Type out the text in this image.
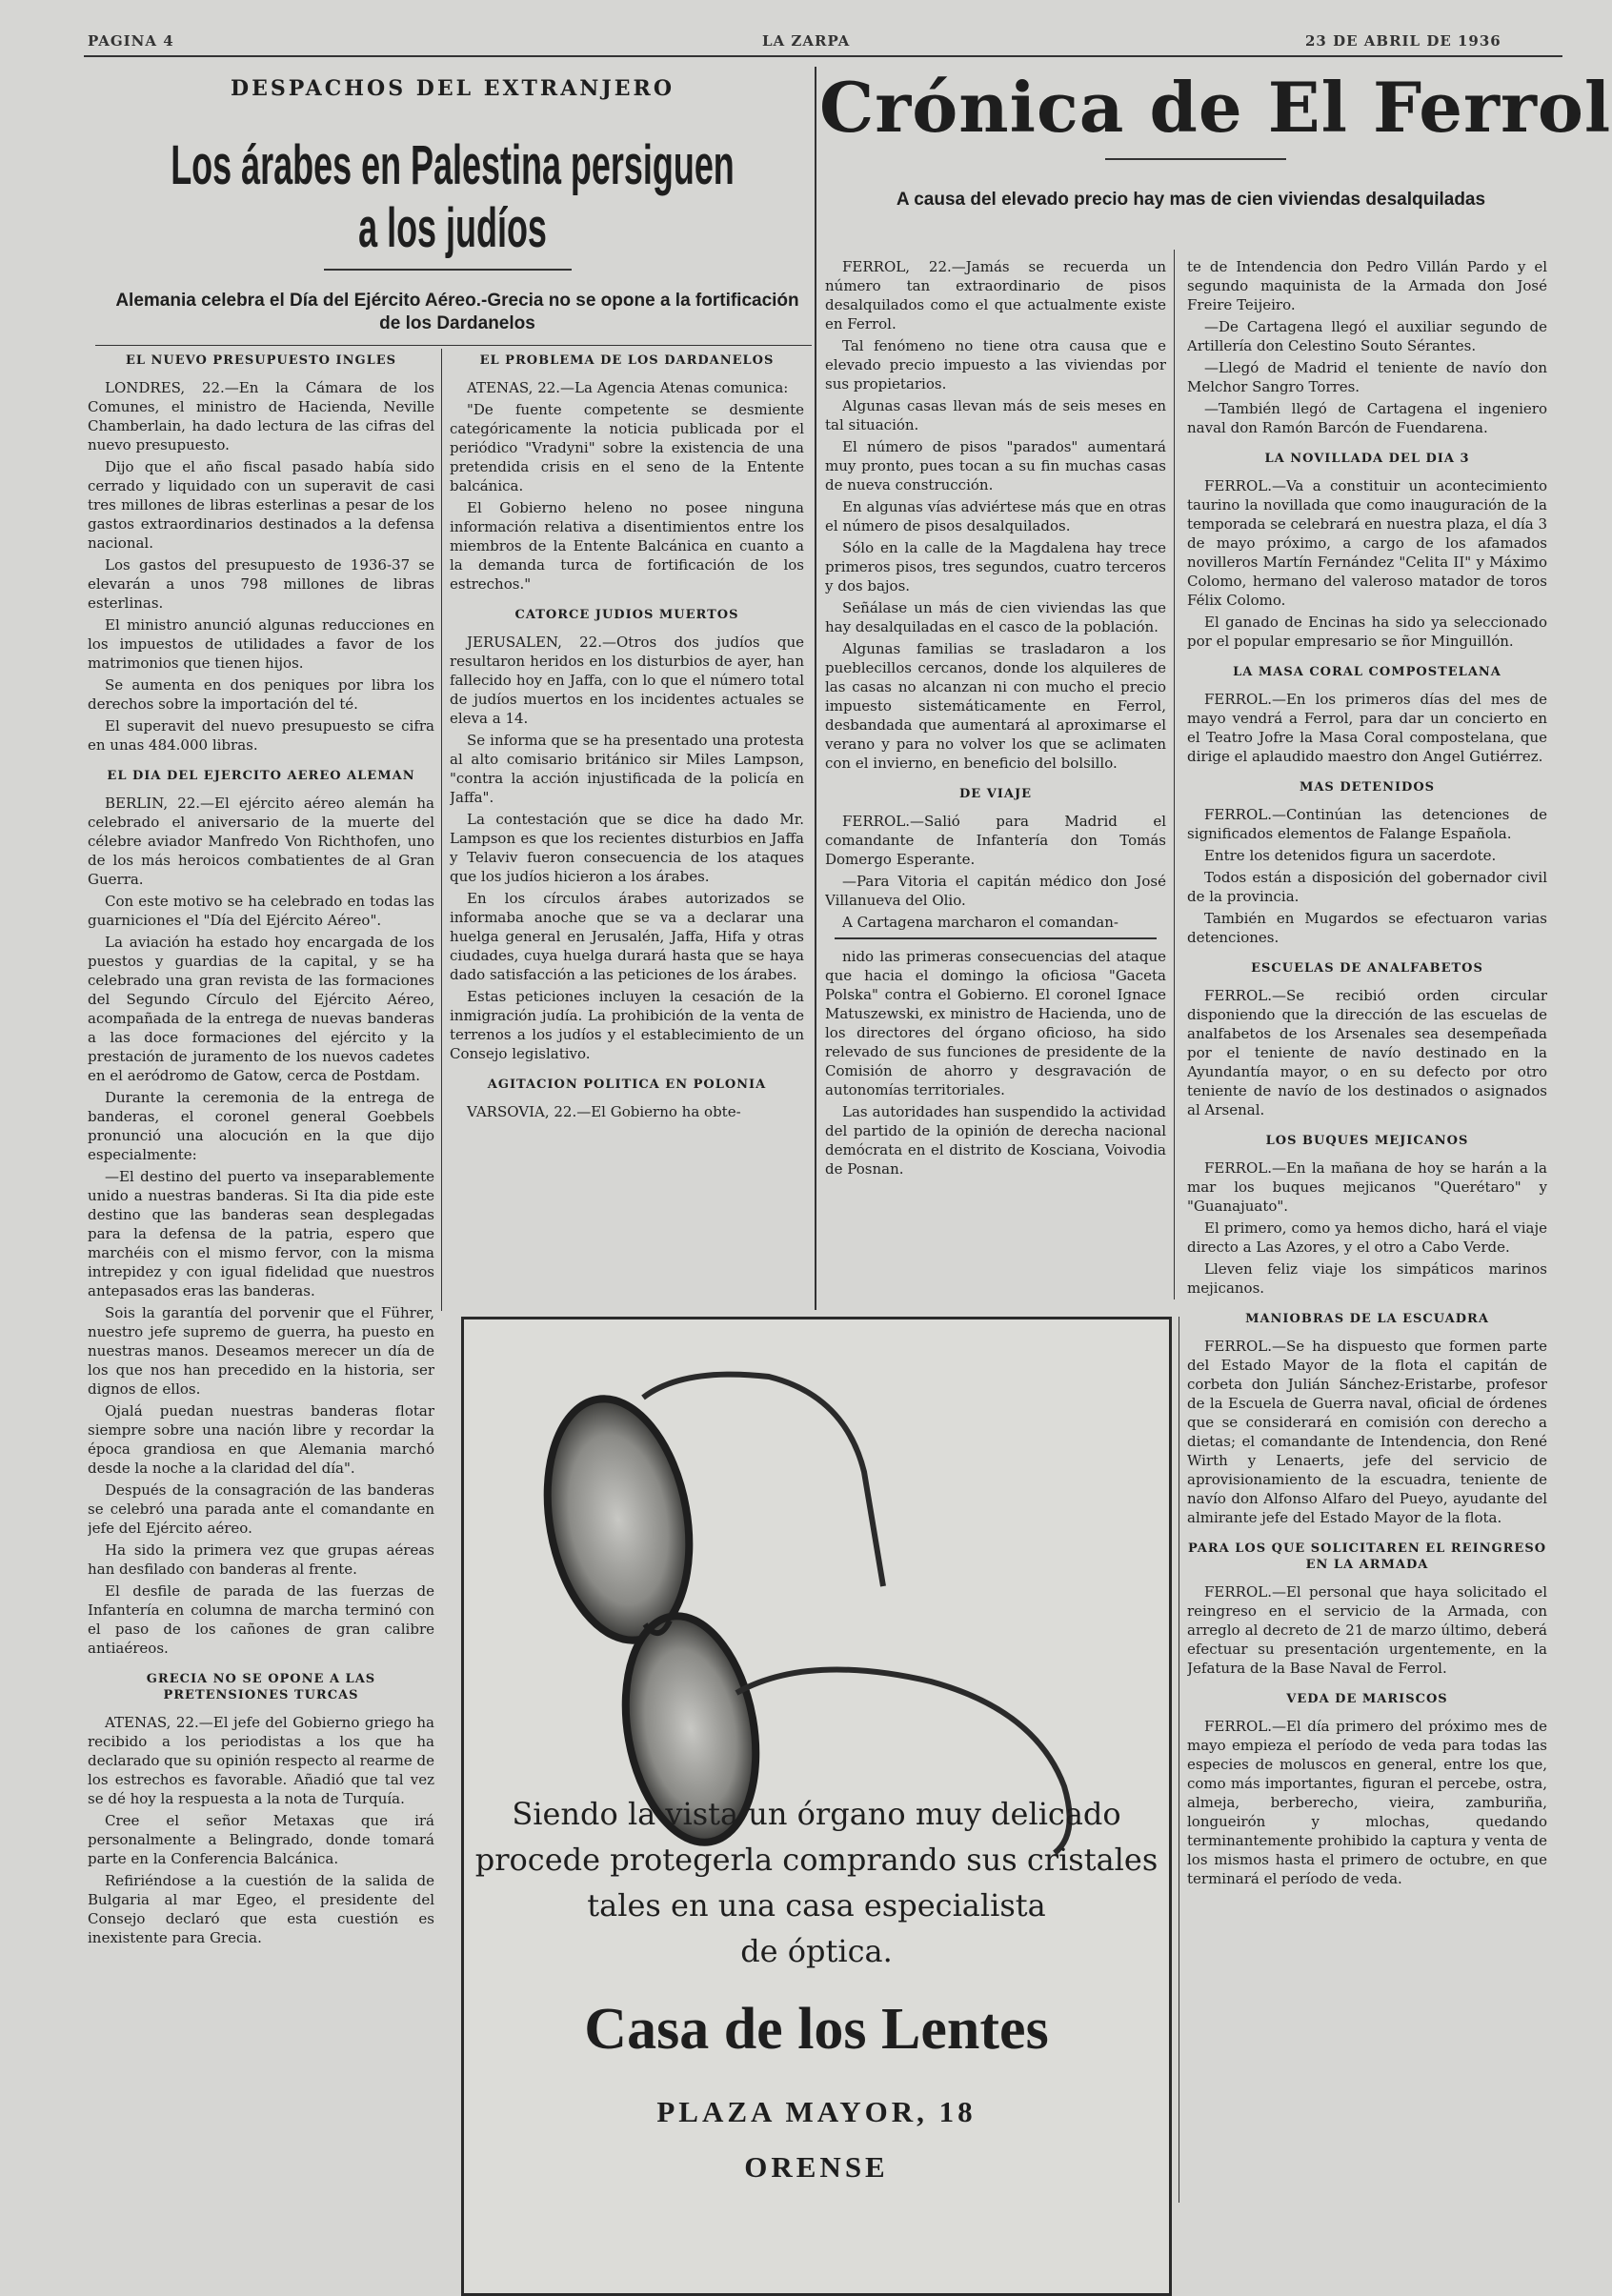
PAGINA 4	LA ZARPA	23 DE ABRIL DE 1936
DESPACHOS DEL EXTRANJERO
Los árabes en Palestina persiguen
a los judíos
Alemania celebra el Día del Ejército Aéreo.-Grecia no se opone a la fortificación de los Dardanelos
EL NUEVO PRESUPUESTO INGLES

LONDRES, 22.—En la Cámara de los Comunes, el ministro de Hacienda, Neville Chamberlain, ha dado lectura de las cifras del nuevo presupuesto.

Dijo que el año fiscal pasado había sido cerrado y liquidado con un superavit de casi tres millones de libras esterlinas a pesar de los gastos extraordinarios destinados a la defensa nacional.

Los gastos del presupuesto de 1936-37 se elevarán a unos 798 millones de libras esterlinas.

El ministro anunció algunas reducciones en los impuestos de utilidades a favor de los matrimonios que tienen hijos.

Se aumenta en dos peniques por libra los derechos sobre la importación del té.

El superavit del nuevo presupuesto se cifra en unas 484.000 libras.

EL DIA DEL EJERCITO AEREO ALEMAN

BERLIN, 22.—El ejército aéreo alemán ha celebrado el aniversario de la muerte del célebre aviador Manfredo Von Richthofen, uno de los más heroicos combatientes de al Gran Guerra.

Con este motivo se ha celebrado en todas las guarniciones el "Día del Ejército Aéreo".

La aviación ha estado hoy encargada de los puestos y guardias de la capital, y se ha celebrado una gran revista de las formaciones del Segundo Círculo del Ejército Aéreo, acompañada de la entrega de nuevas banderas a las doce formaciones del ejército y la prestación de juramento de los nuevos cadetes en el aeródromo de Gatow, cerca de Postdam.

Durante la ceremonia de la entrega de banderas, el coronel general Goebbels pronunció una alocución en la que dijo especialmente:

—El destino del puerto va inseparablemente unido a nuestras banderas. Si Ita dia pide este destino que las banderas sean desplegadas para la defensa de la patria, espero que marchéis con el mismo fervor, con la misma intrepidez y con igual fidelidad que nuestros antepasados eras las banderas.

Sois la garantía del porvenir que el Führer, nuestro jefe supremo de guerra, ha puesto en nuestras manos. Deseamos merecer un día de los que nos han precedido en la historia, ser dignos de ellos.

Ojalá puedan nuestras banderas flotar siempre sobre una nación libre y recordar la época grandiosa en que Alemania marchó desde la noche a la claridad del día".

Después de la consagración de las banderas se celebró una parada ante el comandante en jefe del Ejército aéreo.

Ha sido la primera vez que grupas aéreas han desfilado con banderas al frente.

El desfile de parada de las fuerzas de Infantería en columna de marcha terminó con el paso de los cañones de gran calibre antiaéreos.

GRECIA NO SE OPONE A LAS PRETENSIONES TURCAS

ATENAS, 22.—El jefe del Gobierno griego ha recibido a los periodistas a los que ha declarado que su opinión respecto al rearme de los estrechos es favorable. Añadió que tal vez se dé hoy la respuesta a la nota de Turquía.

Cree el señor Metaxas que irá personalmente a Belingrado, donde tomará parte en la Conferencia Balcánica.

Refiriéndose a la cuestión de la salida de Bulgaria al mar Egeo, el presidente del Consejo declaró que esta cuestión es inexistente para Grecia.

EL PROBLEMA DE LOS DARDANELOS

ATENAS, 22.—La Agencia Atenas comunica:

"De fuente competente se desmiente categóricamente la noticia publicada por el periódico "Vradyni" sobre la existencia de una pretendida crisis en el seno de la Entente balcánica.

El Gobierno heleno no posee ninguna información relativa a disentimientos entre los miembros de la Entente Balcánica en cuanto a la demanda turca de fortificación de los estrechos."

CATORCE JUDIOS MUERTOS

JERUSALEN, 22.—Otros dos judíos que resultaron heridos en los disturbios de ayer, han fallecido hoy en Jaffa, con lo que el número total de judíos muertos en los incidentes actuales se eleva a 14.

Se informa que se ha presentado una protesta al alto comisario británico sir Miles Lampson, "contra la acción injustificada de la policía en Jaffa".

La contestación que se dice ha dado Mr. Lampson es que los recientes disturbios en Jaffa y Telaviv fueron consecuencia de los ataques que los judíos hicieron a los árabes.

En los círculos árabes autorizados se informaba anoche que se va a declarar una huelga general en Jerusalén, Jaffa, Hifa y otras ciudades, cuya huelga durará hasta que se haya dado satisfacción a las peticiones de los árabes.

Estas peticiones incluyen la cesación de la inmigración judía. La prohibición de la venta de terrenos a los judíos y el establecimiento de un Consejo legislativo.

AGITACION POLITICA EN POLONIA

VARSOVIA, 22.—El Gobierno ha obte-

Crónica de El Ferrol
A causa del elevado precio hay mas de cien viviendas desalquiladas

FERROL, 22.—Jamás se recuerda un número tan extraordinario de pisos desalquilados como el que actualmente existe en Ferrol.

Tal fenómeno no tiene otra causa que e elevado precio impuesto a las viviendas por sus propietarios.

Algunas casas llevan más de seis meses en tal situación.

El número de pisos "parados" aumentará muy pronto, pues tocan a su fin muchas casas de nueva construcción.

En algunas vías adviértese más que en otras el número de pisos desalquilados.

Sólo en la calle de la Magdalena hay trece primeros pisos, tres segundos, cuatro terceros y dos bajos.

Señálase un más de cien viviendas las que hay desalquiladas en el casco de la población.

Algunas familias se trasladaron a los pueblecillos cercanos, donde los alquileres de las casas no alcanzan ni con mucho el precio impuesto sistemáticamente en Ferrol, desbandada que aumentará al aproximarse el verano y para no volver los que se aclimaten con el invierno, en beneficio del bolsillo.

DE VIAJE

FERROL.—Salió para Madrid el comandante de Infantería don Tomás Domergo Esperante.

—Para Vitoria el capitán médico don José Villanueva del Olio.

A Cartagena marcharon el comandan-

nido las primeras consecuencias del ataque que hacia el domingo la oficiosa "Gaceta Polska" contra el Gobierno. El coronel Ignace Matuszewski, ex ministro de Hacienda, uno de los directores del órgano oficioso, ha sido relevado de sus funciones de presidente de la Comisión de ahorro y desgravación de autonomías territoriales.

Las autoridades han suspendido la actividad del partido de la opinión de derecha nacional demócrata en el distrito de Kosciana, Voivodia de Posnan.

te de Intendencia don Pedro Villán Pardo y el segundo maquinista de la Armada don José Freire Teijeiro.

—De Cartagena llegó el auxiliar segundo de Artillería don Celestino Souto Sérantes.

—Llegó de Madrid el teniente de navío don Melchor Sangro Torres.

—También llegó de Cartagena el ingeniero naval don Ramón Barcón de Fuendarena.

LA NOVILLADA DEL DIA 3

FERROL.—Va a constituir un acontecimiento taurino la novillada que como inauguración de la temporada se celebrará en nuestra plaza, el día 3 de mayo próximo, a cargo de los afamados novilleros Martín Fernández "Celita II" y Máximo Colomo, hermano del valeroso matador de toros Félix Colomo.

El ganado de Encinas ha sido ya seleccionado por el popular empresario se ñor Minguillón.

LA MASA CORAL COMPOSTELANA

FERROL.—En los primeros días del mes de mayo vendrá a Ferrol, para dar un concierto en el Teatro Jofre la Masa Coral compostelana, que dirige el aplaudido maestro don Angel Gutiérrez.

MAS DETENIDOS

FERROL.—Continúan las detenciones de significados elementos de Falange Española.

Entre los detenidos figura un sacerdote.

Todos están a disposición del gobernador civil de la provincia.

También en Mugardos se efectuaron varias detenciones.

ESCUELAS DE ANALFABETOS

FERROL.—Se recibió orden circular disponiendo que la dirección de las escuelas de analfabetos de los Arsenales sea desempeñada por el teniente de navío destinado en la Ayundantía mayor, o en su defecto por otro teniente de navío de los destinados o asignados al Arsenal.

LOS BUQUES MEJICANOS

FERROL.—En la mañana de hoy se harán a la mar los buques mejicanos "Querétaro" y "Guanajuato".

El primero, como ya hemos dicho, hará el viaje directo a Las Azores, y el otro a Cabo Verde.

Lleven feliz viaje los simpáticos marinos mejicanos.

MANIOBRAS DE LA ESCUADRA

FERROL.—Se ha dispuesto que formen parte del Estado Mayor de la flota el capitán de corbeta don Julián Sánchez-Eristarbe, profesor de la Escuela de Guerra naval, oficial de órdenes que se considerará en comisión con derecho a dietas; el comandante de Intendencia, don René Wirth y Lenaerts, jefe del servicio de aprovisionamiento de la escuadra, teniente de navío don Alfonso Alfaro del Pueyo, ayudante del almirante jefe del Estado Mayor de la flota.

PARA LOS QUE SOLICITAREN EL REINGRESO EN LA ARMADA

FERROL.—El personal que haya solicitado el reingreso en el servicio de la Armada, con arreglo al decreto de 21 de marzo último, deberá efectuar su presentación urgentemente, en la Jefatura de la Base Naval de Ferrol.

VEDA DE MARISCOS

FERROL.—El día primero del próximo mes de mayo empieza el período de veda para todas las especies de moluscos en general, entre los que, como más importantes, figuran el percebe, ostra, almeja, berberecho, vieira, zamburiña, longueirón y mlochas, quedando terminantemente prohibido la captura y venta de los mismos hasta el primero de octubre, en que terminará el período de veda.

Siendo la vista un órgano muy delicado
procede protegerla comprando sus cristales
tales en una casa especialista
de óptica.
Casa de los Lentes
PLAZA MAYOR, 18
ORENSE
